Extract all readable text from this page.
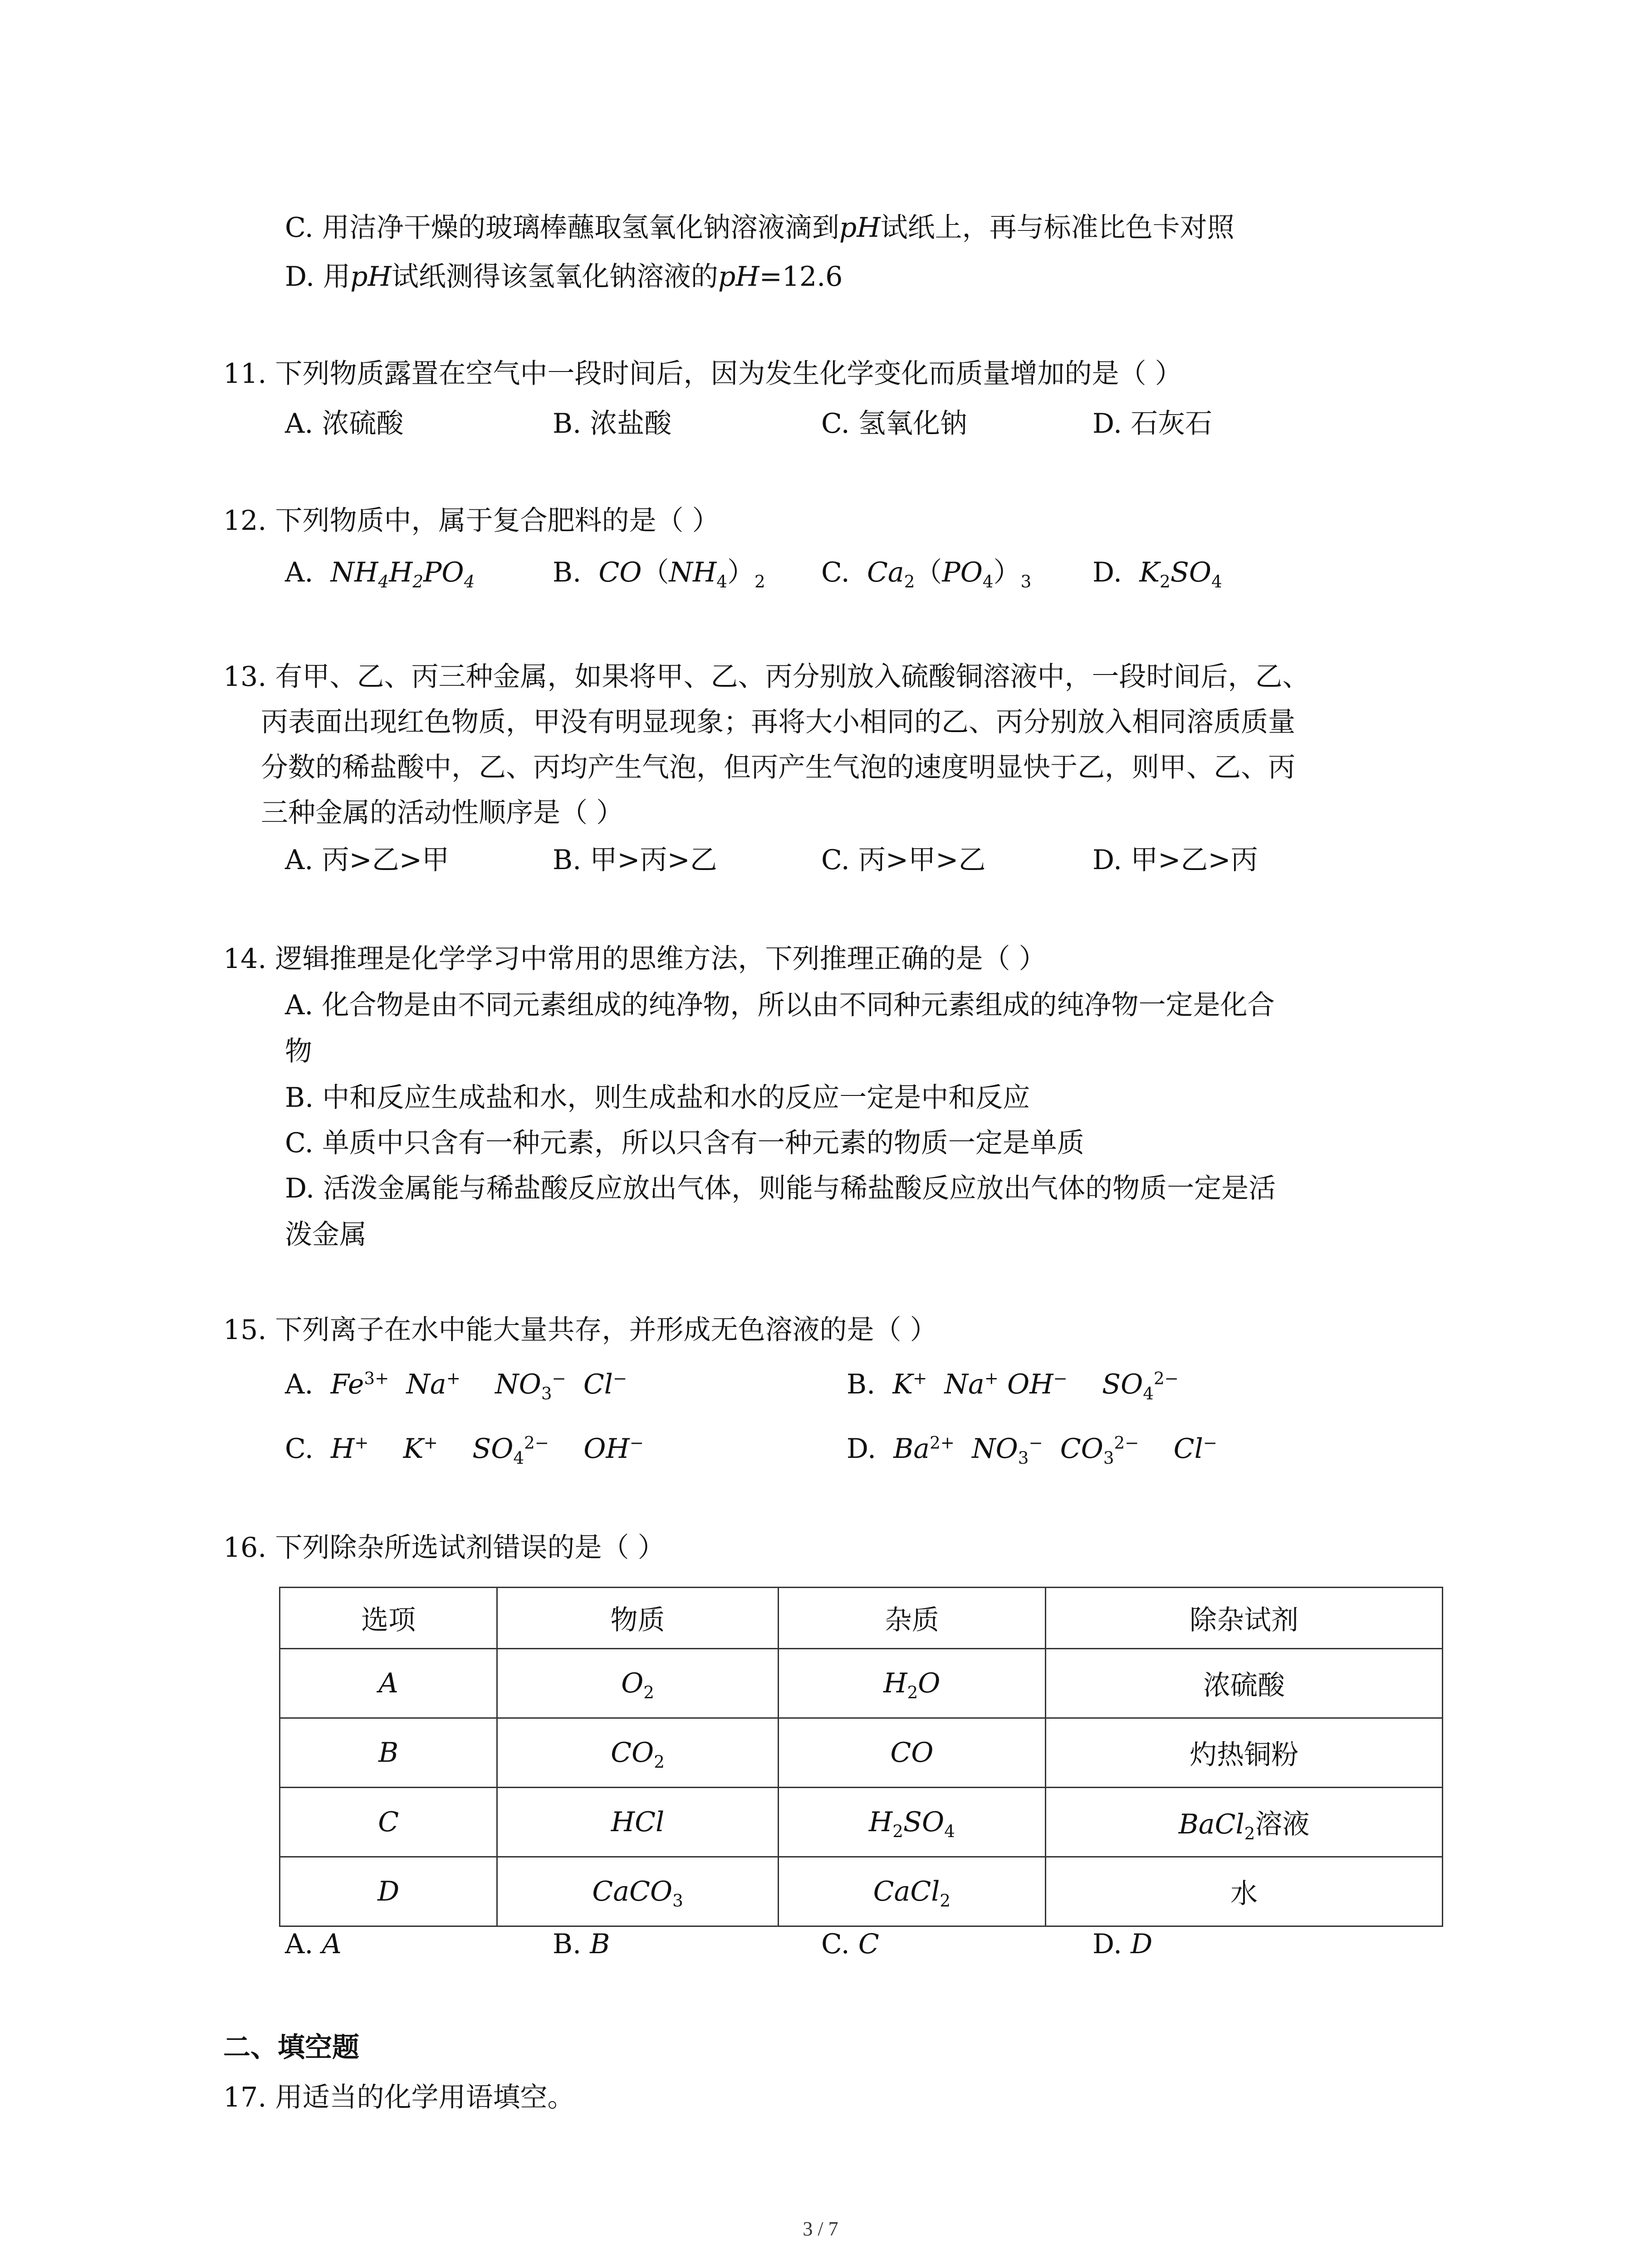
C. 用洁净干燥的玻璃棒蘸取氢氧化钠溶液滴到pH试纸上，再与标准比色卡对照
D. 用pH试纸测得该氢氧化钠溶液的pH=12.6
11. 下列物质露置在空气中一段时间后，因为发生化学变化而质量增加的是（ ）
A. 浓硫酸	B. 浓盐酸	C. 氢氧化钠	D. 石灰石
12. 下列物质中，属于复合肥料的是（ ）
A. $NH_4H_2PO_4$	B. $CO(NH_4)_2$ C. $Ca_2(PO_4)_3$ D. $K_2SO_4$
13. 有甲、乙、丙三种金属，如果将甲、乙、丙分别放入硫酸铜溶液中，一段时间后，乙、
丙表面出现红色物质，甲没有明显现象；再将大小相同的乙、丙分别放入相同溶质质量
分数的稀盐酸中，乙、丙均产生气泡，但丙产生气泡的速度明显快于乙，则甲、乙、丙
三种金属的活动性顺序是（ ）
A. 丙>乙>甲	B. 甲>丙>乙	C. 丙>甲>乙	D. 甲>乙>丙
14. 逻辑推理是化学学习中常用的思维方法，下列推理正确的是（ ）
A. 化合物是由不同元素组成的纯净物，所以由不同种元素组成的纯净物一定是化合
物
B. 中和反应生成盐和水，则生成盐和水的反应一定是中和反应
C. 单质中只含有一种元素，所以只含有一种元素的物质一定是单质
D. 活泼金属能与稀盐酸反应放出气体，则能与稀盐酸反应放出气体的物质一定是活
泼金属
15. 下列离子在水中能大量共存，并形成无色溶液的是（ ）
A. $Fe^{3+}$ Na+ $NO_3^-$ Cl−	B. K+ Na+ OH− $SO_4^{2-}$
C. H+ K+ $SO_4^{2-}$ OH−	D. $Ba^{2+}$ $NO_3^-$ $CO_3^{2-}$ Cl−
16. 下列除杂所选试剂错误的是（ ）
选项	物质	杂质	除杂试剂
A	$O_2$	$H_2O$	浓硫酸
B	$CO_2$	CO	灼热铜粉
C	HCl	$H_2SO_4$	BaCl$_2$溶液
D	CaCO$_3$	CaCl$_2$	水
A. A	B. B	C. C	D. D
二、填空题
17. 用适当的化学用语填空。
3 / 7
